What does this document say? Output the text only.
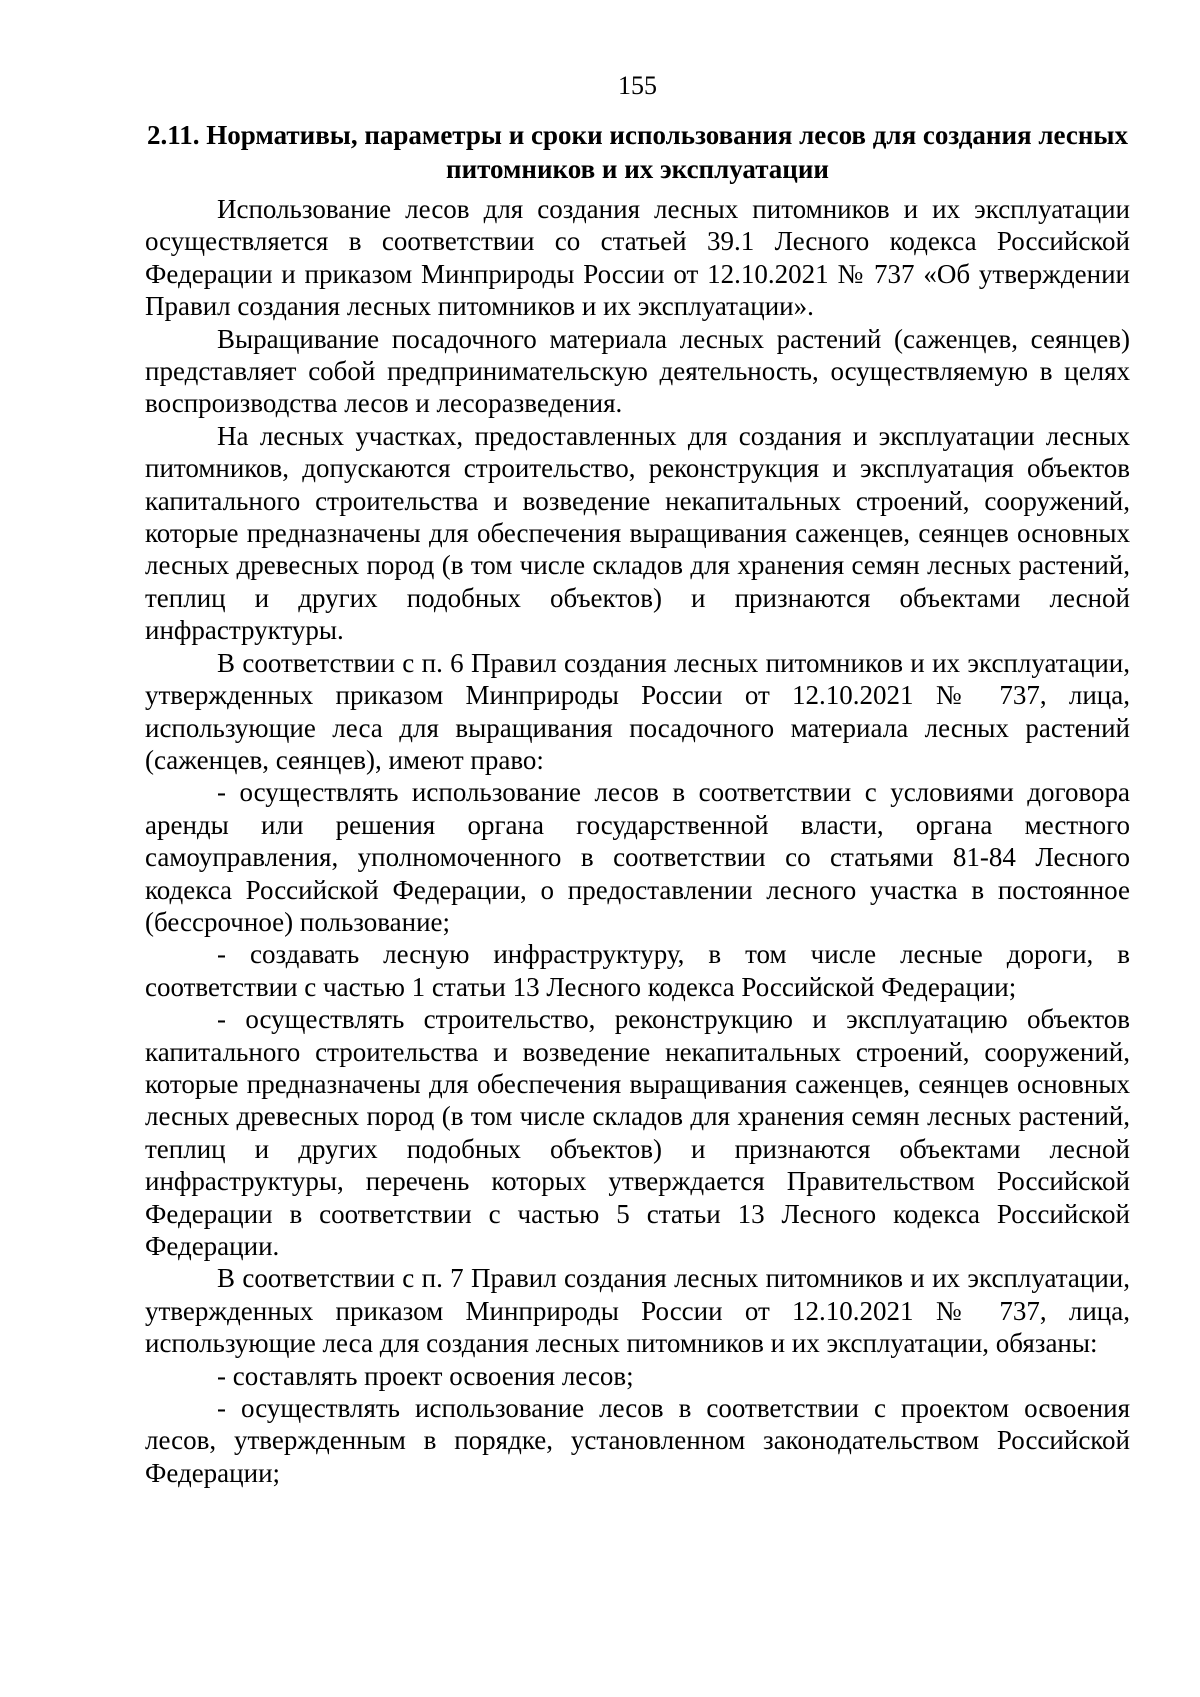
155
2.11. Нормативы, параметры и сроки использования лесов для создания лесных питомников и их эксплуатации

Использование лесов для создания лесных питомников и их эксплуатации осуществляется в соответствии со статьей 39.1 Лесного кодекса Российской Федерации и приказом Минприроды России от 12.10.2021 № 737 «Об утверждении Правил создания лесных питомников и их эксплуатации».

Выращивание посадочного материала лесных растений (саженцев, сеянцев) представляет собой предпринимательскую деятельность, осуществляемую в целях воспроизводства лесов и лесоразведения.

На лесных участках, предоставленных для создания и эксплуатации лесных питомников, допускаются строительство, реконструкция и эксплуатация объектов капитального строительства и возведение некапитальных строений, сооружений, которые предназначены для обеспечения выращивания саженцев, сеянцев основных лесных древесных пород (в том числе складов для хранения семян лесных растений, теплиц и других подобных объектов) и признаются объектами лесной инфраструктуры.

В соответствии с п. 6 Правил создания лесных питомников и их эксплуатации, утвержденных приказом Минприроды России от 12.10.2021 № 737, лица, использующие леса для выращивания посадочного материала лесных растений (саженцев, сеянцев), имеют право:

- осуществлять использование лесов в соответствии с условиями договора аренды или решения органа государственной власти, органа местного самоуправления, уполномоченного в соответствии со статьями 81-84 Лесного кодекса Российской Федерации, о предоставлении лесного участка в постоянное (бессрочное) пользование;

- создавать лесную инфраструктуру, в том числе лесные дороги, в соответствии с частью 1 статьи 13 Лесного кодекса Российской Федерации;

- осуществлять строительство, реконструкцию и эксплуатацию объектов капитального строительства и возведение некапитальных строений, сооружений, которые предназначены для обеспечения выращивания саженцев, сеянцев основных лесных древесных пород (в том числе складов для хранения семян лесных растений, теплиц и других подобных объектов) и признаются объектами лесной инфраструктуры, перечень которых утверждается Правительством Российской Федерации в соответствии с частью 5 статьи 13 Лесного кодекса Российской Федерации.

В соответствии с п. 7 Правил создания лесных питомников и их эксплуатации, утвержденных приказом Минприроды России от 12.10.2021 № 737, лица, использующие леса для создания лесных питомников и их эксплуатации, обязаны:

- составлять проект освоения лесов;

- осуществлять использование лесов в соответствии с проектом освоения лесов, утвержденным в порядке, установленном законодательством Российской Федерации;
